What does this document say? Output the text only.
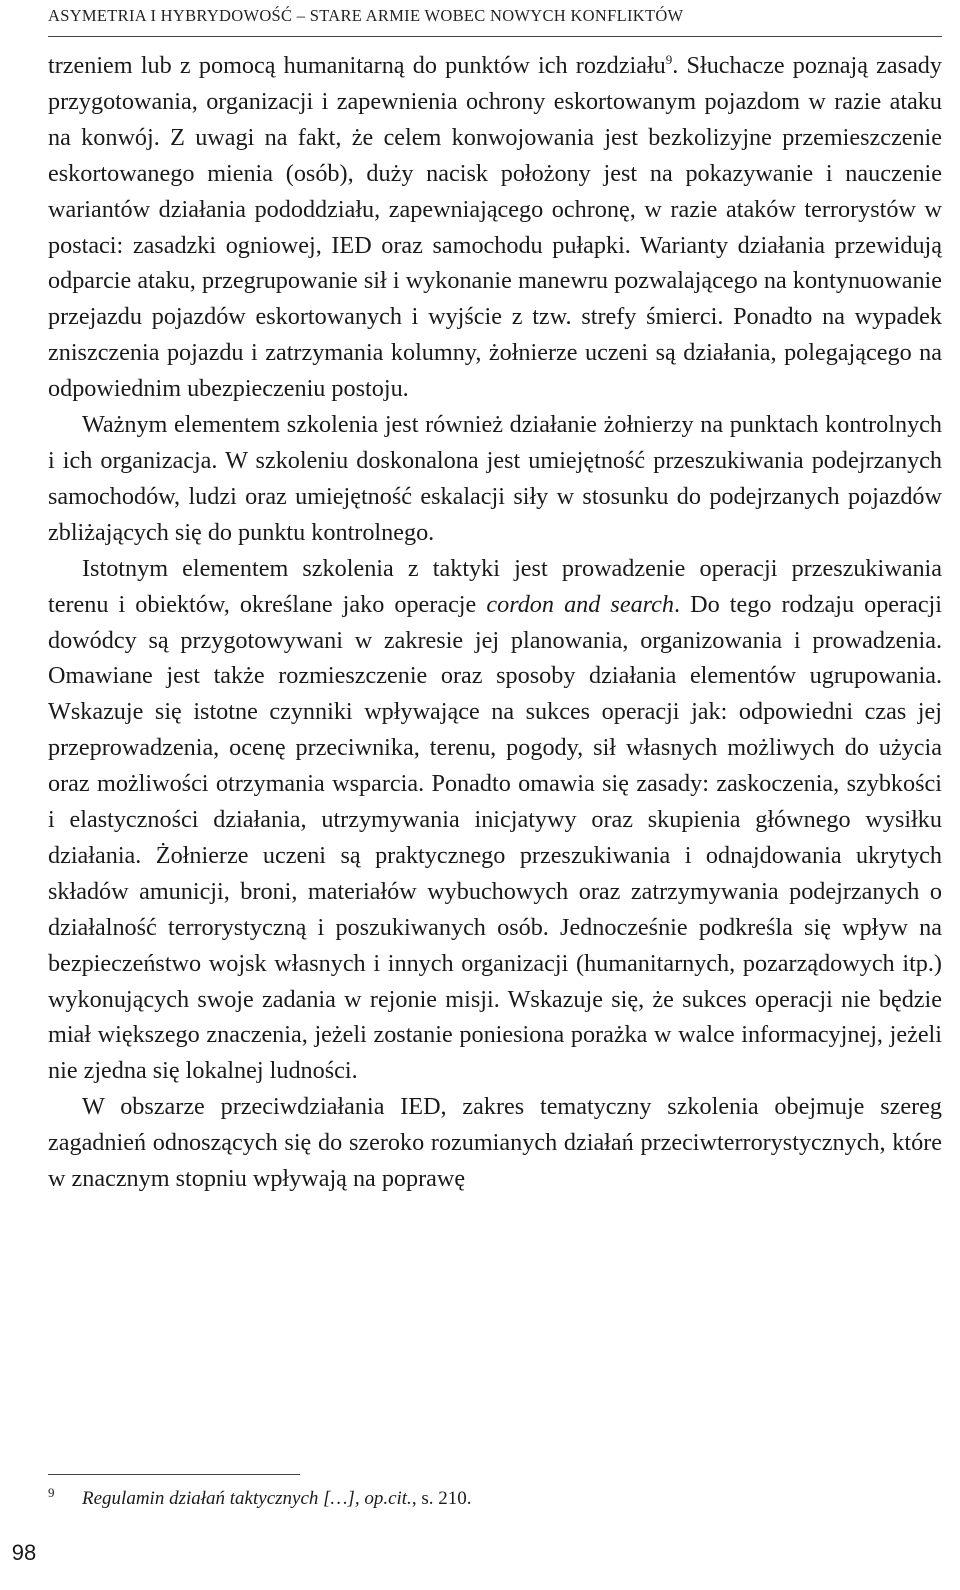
ASYMETRIA I HYBRYDOWOŚĆ – STARE ARMIE WOBEC NOWYCH KONFLIKTÓW

trzeniem lub z pomocą humanitarną do punktów ich rozdziału$^9$. Słuchacze poznają zasady przygotowania, organizacji i zapewnienia ochrony eskortowanym pojazdom w razie ataku na konwój. Z uwagi na fakt, że celem konwojowania jest bezkolizyjne przemieszczenie eskortowanego mienia (osób), duży nacisk położony jest na pokazywanie i nauczenie wariantów działania pododdziału, zapewniającego ochronę, w razie ataków terrorystów w postaci: zasadzki ogniowej, IED oraz samochodu pułapki. Warianty działania przewidują odparcie ataku, przegrupowanie sił i wykonanie manewru pozwalającego na kontynuowanie przejazdu pojazdów eskortowanych i wyjście z tzw. strefy śmierci. Ponadto na wypadek zniszczenia pojazdu i zatrzymania kolumny, żołnierze uczeni są działania, polegającego na odpowiednim ubezpieczeniu postoju.

Ważnym elementem szkolenia jest również działanie żołnierzy na punktach kontrolnych i ich organizacja. W szkoleniu doskonalona jest umiejętność przeszukiwania podejrzanych samochodów, ludzi oraz umiejętność eskalacji siły w stosunku do podejrzanych pojazdów zbliżających się do punktu kontrolnego.

Istotnym elementem szkolenia z taktyki jest prowadzenie operacji przeszukiwania terenu i obiektów, określane jako operacje cordon and search. Do tego rodzaju operacji dowódcy są przygotowywani w zakresie jej planowania, organizowania i prowadzenia. Omawiane jest także rozmieszczenie oraz sposoby działania elementów ugrupowania. Wskazuje się istotne czynniki wpływające na sukces operacji jak: odpowiedni czas jej przeprowadzenia, ocenę przeciwnika, terenu, pogody, sił własnych możliwych do użycia oraz możliwości otrzymania wsparcia. Ponadto omawia się zasady: zaskoczenia, szybkości i elastyczności działania, utrzymywania inicjatywy oraz skupienia głównego wysiłku działania. Żołnierze uczeni są praktycznego przeszukiwania i odnajdowania ukrytych składów amunicji, broni, materiałów wybuchowych oraz zatrzymywania podejrzanych o działalność terrorystyczną i poszukiwanych osób. Jednocześnie podkreśla się wpływ na bezpieczeństwo wojsk własnych i innych organizacji (humanitarnych, pozarządowych itp.) wykonujących swoje zadania w rejonie misji. Wskazuje się, że sukces operacji nie będzie miał większego znaczenia, jeżeli zostanie poniesiona porażka w walce informacyjnej, jeżeli nie zjedna się lokalnej ludności.

W obszarze przeciwdziałania IED, zakres tematyczny szkolenia obejmuje szereg zagadnień odnoszących się do szeroko rozumianych działań przeciwterrorystycznych, które w znacznym stopniu wpływają na poprawę

9 Regulamin działań taktycznych […], op.cit., s. 210.
98
